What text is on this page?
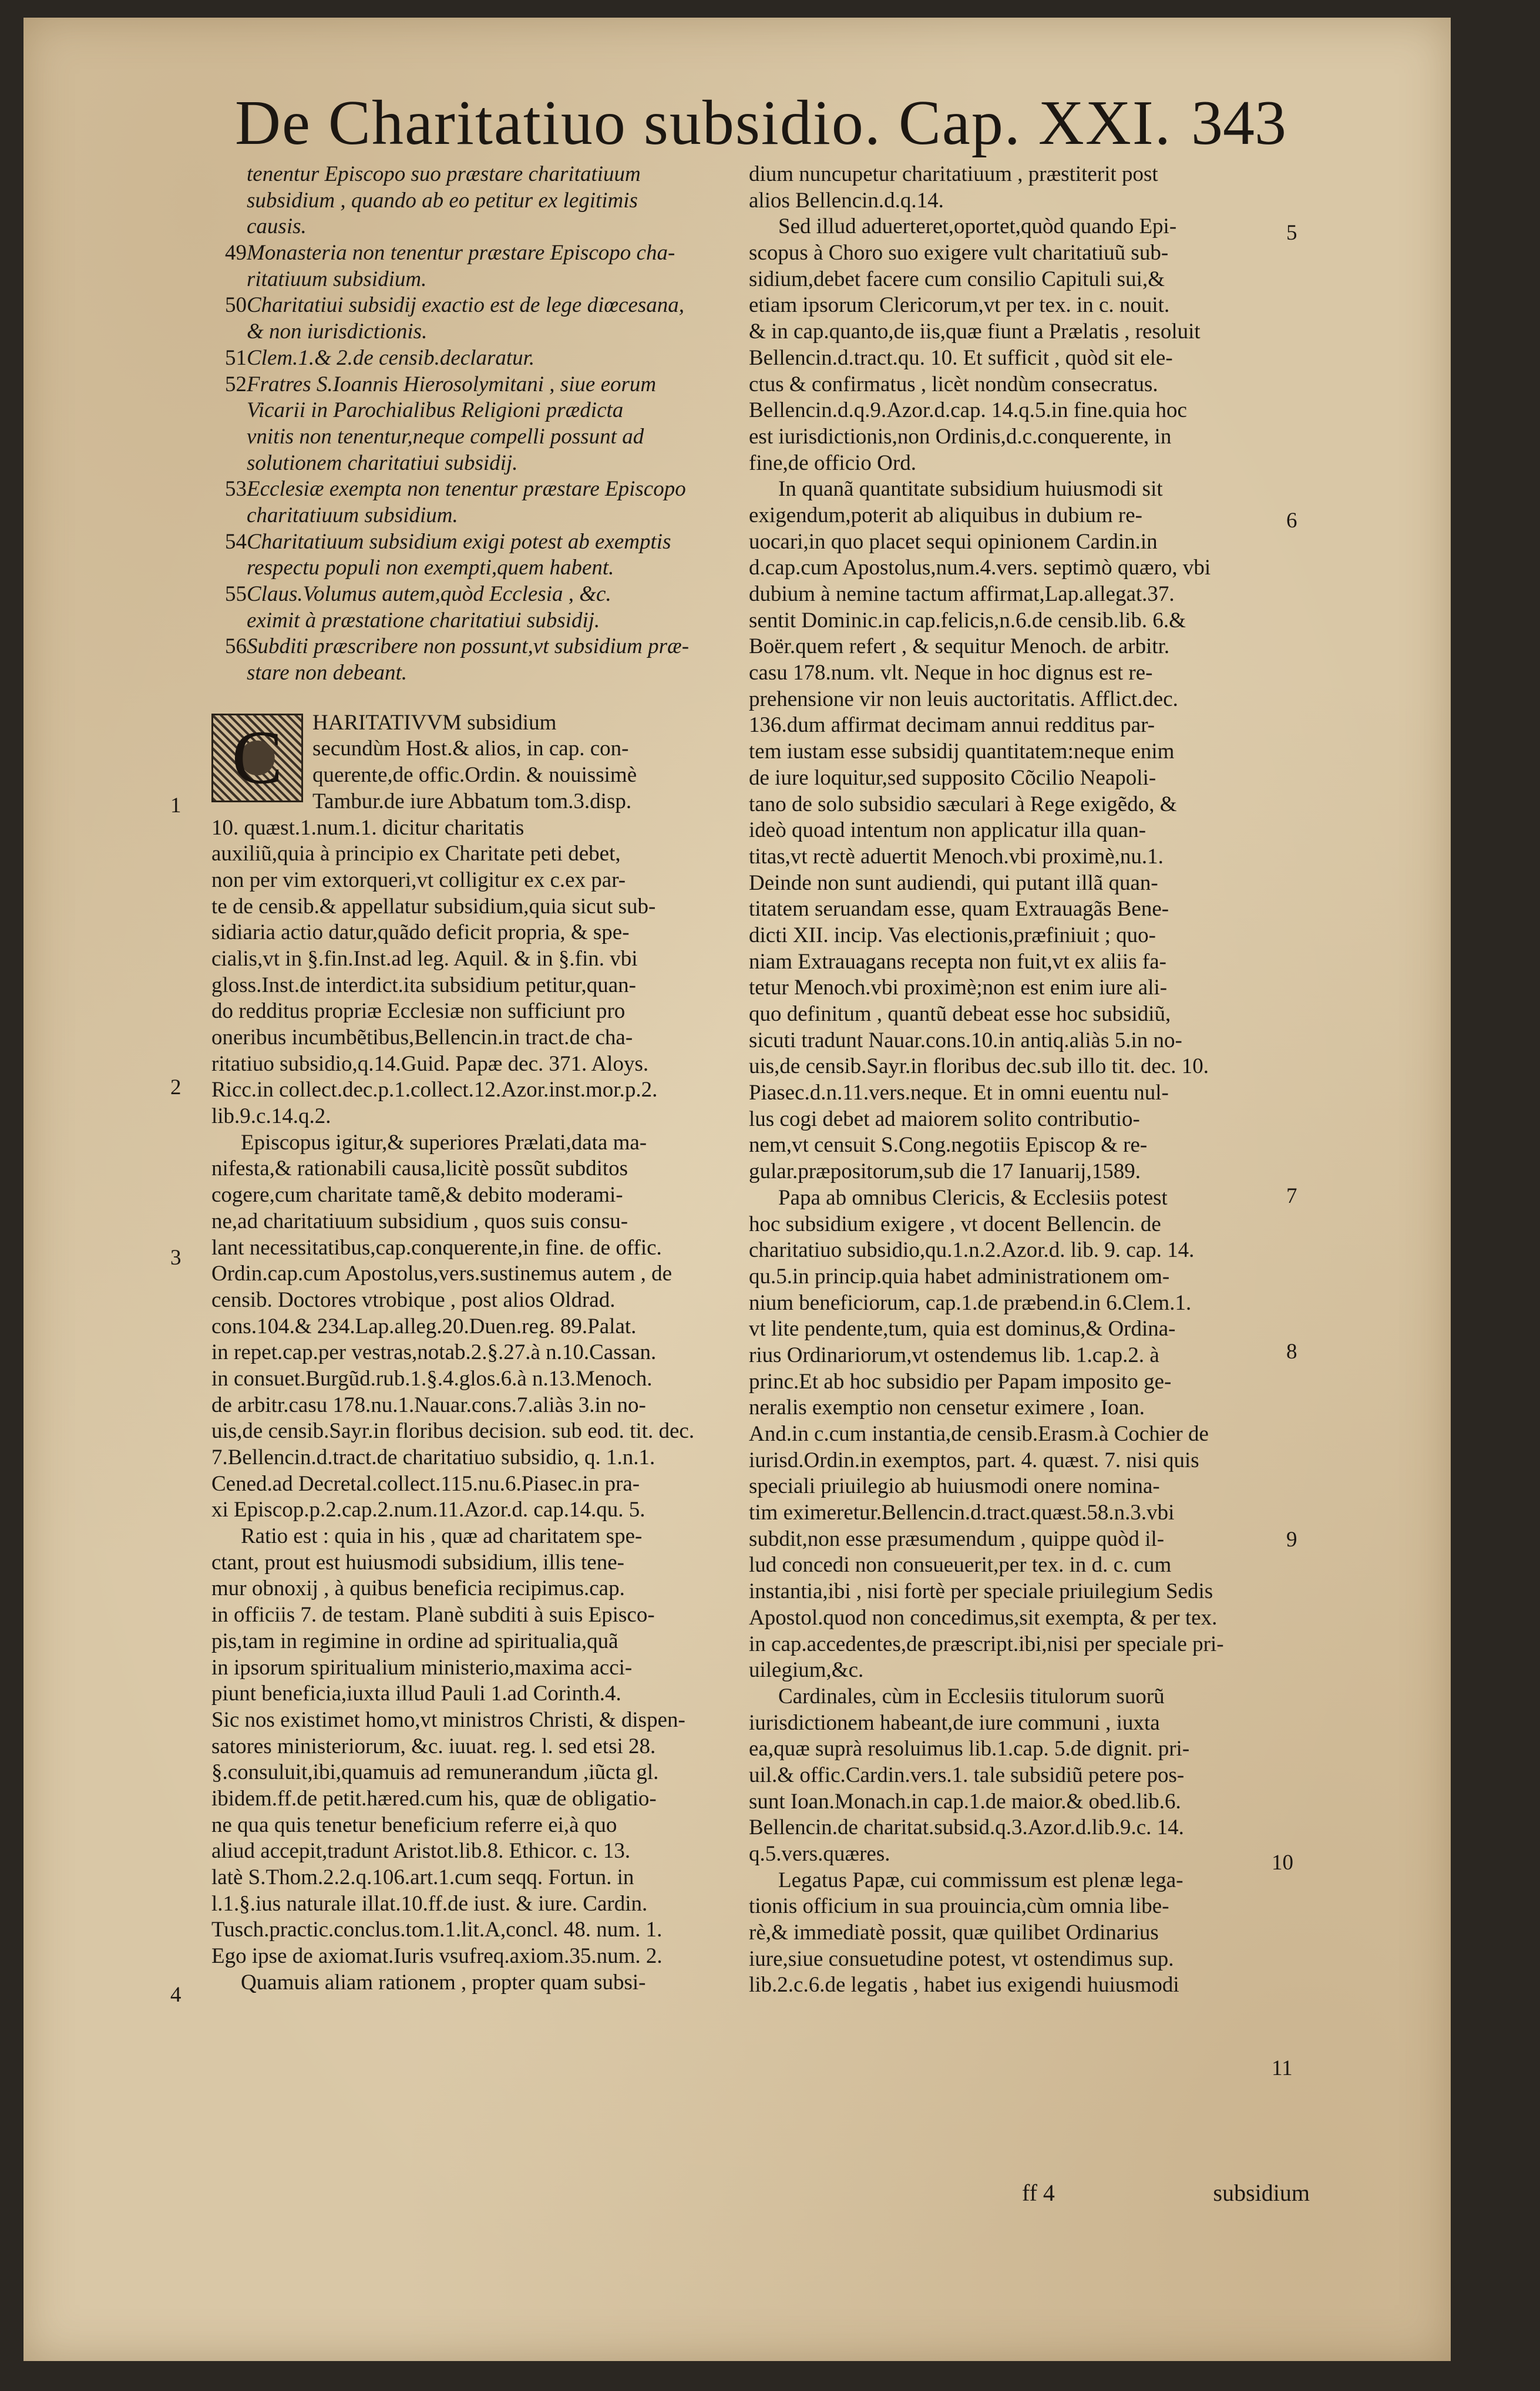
De Charitatiuo subsidio. Cap. XXI. 343
tenentur Episcopo suo præstare charitatiuum
subsidium , quando ab eo petitur ex legitimis
causis.
49 Monasteria non tenentur præstare Episcopo cha-
ritatiuum subsidium.
50 Charitatiui subsidij exactio est de lege diœcesana,
& non iurisdictionis.
51 Clem.1.& 2.de censib.declaratur.
52 Fratres S.Ioannis Hierosolymitani , siue eorum
Vicarii in Parochialibus Religioni prædicta
vnitis non tenentur,neque compelli possunt ad
solutionem charitatiui subsidij.
53 Ecclesiæ exempta non tenentur præstare Episcopo
charitatiuum subsidium.
54 Charitatiuum subsidium exigi potest ab exemptis
respectu populi non exempti,quem habent.
55 Claus.Volumus autem,quòd Ecclesia , &c.
eximit à præstatione charitatiui subsidij.
56 Subditi præscribere non possunt,vt subsidium præ-
stare non debeant.
C	HARITATIVVM subsidium
secundùm Host.& alios, in cap. con-
querente,de offic.Ordin. & nouissimè
Tambur.de iure Abbatum tom.3.disp.
10. quæst.1.num.1. dicitur charitatis
auxiliũ,quia à principio ex Charitate peti debet,
non per vim extorqueri,vt colligitur ex c.ex par-
te de censib.& appellatur subsidium,quia sicut sub-
sidiaria actio datur,quãdo deficit propria, & spe-
cialis,vt in §.fin.Inst.ad leg. Aquil. & in §.fin. vbi
gloss.Inst.de interdict.ita subsidium petitur,quan-
do redditus propriæ Ecclesiæ non sufficiunt pro
oneribus incumbẽtibus,Bellencin.in tract.de cha-
ritatiuo subsidio,q.14.Guid. Papæ dec. 371. Aloys.
Ricc.in collect.dec.p.1.collect.12.Azor.inst.mor.p.2.
lib.9.c.14.q.2.
Episcopus igitur,& superiores Prælati,data ma-
nifesta,& rationabili causa,licitè possũt subditos
cogere,cum charitate tamẽ,& debito moderami-
ne,ad charitatiuum subsidium , quos suis consu-
lant necessitatibus,cap.conquerente,in fine. de offic.
Ordin.cap.cum Apostolus,vers.sustinemus autem , de
censib. Doctores vtrobique , post alios Oldrad.
cons.104.& 234.Lap.alleg.20.Duen.reg. 89.Palat.
in repet.cap.per vestras,notab.2.§.27.à n.10.Cassan.
in consuet.Burgũd.rub.1.§.4.glos.6.à n.13.Menoch.
de arbitr.casu 178.nu.1.Nauar.cons.7.aliàs 3.in no-
uis,de censib.Sayr.in floribus decision. sub eod. tit. dec.
7.Bellencin.d.tract.de charitatiuo subsidio, q. 1.n.1.
Cened.ad Decretal.collect.115.nu.6.Piasec.in pra-
xi Episcop.p.2.cap.2.num.11.Azor.d. cap.14.qu. 5.
Ratio est : quia in his , quæ ad charitatem spe-
ctant, prout est huiusmodi subsidium, illis tene-
mur obnoxij , à quibus beneficia recipimus.cap.
in officiis 7. de testam. Planè subditi à suis Episco-
pis,tam in regimine in ordine ad spiritualia,quã
in ipsorum spiritualium ministerio,maxima acci-
piunt beneficia,iuxta illud Pauli 1.ad Corinth.4.
Sic nos existimet homo,vt ministros Christi, & dispen-
satores ministeriorum, &c. iuuat. reg. l. sed etsi 28.
§.consuluit,ibi,quamuis ad remunerandum ,iũcta gl.
ibidem.ff.de petit.hæred.cum his, quæ de obligatio-
ne qua quis tenetur beneficium referre ei,à quo
aliud accepit,tradunt Aristot.lib.8. Ethicor. c. 13.
latè S.Thom.2.2.q.106.art.1.cum seqq. Fortun. in
l.1.§.ius naturale illat.10.ff.de iust. & iure. Cardin.
Tusch.practic.conclus.tom.1.lit.A,concl. 48. num. 1.
Ego ipse de axiomat.Iuris vsufreq.axiom.35.num. 2.
Quamuis aliam rationem , propter quam subsi-
dium nuncupetur charitatiuum , præstiterit post
alios Bellencin.d.q.14.
Sed illud aduerteret,oportet,quòd quando Epi-
scopus à Choro suo exigere vult charitatiuũ sub-
sidium,debet facere cum consilio Capituli sui,&
etiam ipsorum Clericorum,vt per tex. in c. nouit.
& in cap.quanto,de iis,quæ fiunt a Prælatis , resoluit
Bellencin.d.tract.qu. 10. Et sufficit , quòd sit ele-
ctus & confirmatus , licèt nondùm consecratus.
Bellencin.d.q.9.Azor.d.cap. 14.q.5.in fine.quia hoc
est iurisdictionis,non Ordinis,d.c.conquerente, in
fine,de officio Ord.
In quanã quantitate subsidium huiusmodi sit
exigendum,poterit ab aliquibus in dubium re-
uocari,in quo placet sequi opinionem Cardin.in
d.cap.cum Apostolus,num.4.vers. septimò quæro, vbi
dubium à nemine tactum affirmat,Lap.allegat.37.
sentit Dominic.in cap.felicis,n.6.de censib.lib. 6.&
Boër.quem refert , & sequitur Menoch. de arbitr.
casu 178.num. vlt. Neque in hoc dignus est re-
prehensione vir non leuis auctoritatis. Afflict.dec.
136.dum affirmat decimam annui redditus par-
tem iustam esse subsidij quantitatem:neque enim
de iure loquitur,sed supposito Cõcilio Neapoli-
tano de solo subsidio sæculari à Rege exigẽdo, &
ideò quoad intentum non applicatur illa quan-
titas,vt rectè aduertit Menoch.vbi proximè,nu.1.
Deinde non sunt audiendi, qui putant illã quan-
titatem seruandam esse, quam Extrauagãs Bene-
dicti XII. incip. Vas electionis,præfiniuit ; quo-
niam Extrauagans recepta non fuit,vt ex aliis fa-
tetur Menoch.vbi proximè;non est enim iure ali-
quo definitum , quantũ debeat esse hoc subsidiũ,
sicuti tradunt Nauar.cons.10.in antiq.aliàs 5.in no-
uis,de censib.Sayr.in floribus dec.sub illo tit. dec. 10.
Piasec.d.n.11.vers.neque. Et in omni euentu nul-
lus cogi debet ad maiorem solito contributio-
nem,vt censuit S.Cong.negotiis Episcop & re-
gular.præpositorum,sub die 17 Ianuarij,1589.
Papa ab omnibus Clericis, & Ecclesiis potest
hoc subsidium exigere , vt docent Bellencin. de
charitatiuo subsidio,qu.1.n.2.Azor.d. lib. 9. cap. 14.
qu.5.in princip.quia habet administrationem om-
nium beneficiorum, cap.1.de præbend.in 6.Clem.1.
vt lite pendente,tum, quia est dominus,& Ordina-
rius Ordinariorum,vt ostendemus lib. 1.cap.2. à
princ.Et ab hoc subsidio per Papam imposito ge-
neralis exemptio non censetur eximere , Ioan.
And.in c.cum instantia,de censib.Erasm.à Cochier de
iurisd.Ordin.in exemptos, part. 4. quæst. 7. nisi quis
speciali priuilegio ab huiusmodi onere nomina-
tim eximeretur.Bellencin.d.tract.quæst.58.n.3.vbi
subdit,non esse præsumendum , quippe quòd il-
lud concedi non consueuerit,per tex. in d. c. cum
instantia,ibi , nisi fortè per speciale priuilegium Sedis
Apostol.quod non concedimus,sit exempta, & per tex.
in cap.accedentes,de præscript.ibi,nisi per speciale pri-
uilegium,&c.
Cardinales, cùm in Ecclesiis titulorum suorũ
iurisdictionem habeant,de iure communi , iuxta
ea,quæ suprà resoluimus lib.1.cap. 5.de dignit. pri-
uil.& offic.Cardin.vers.1. tale subsidiũ petere pos-
sunt Ioan.Monach.in cap.1.de maior.& obed.lib.6.
Bellencin.de charitat.subsid.q.3.Azor.d.lib.9.c. 14.
q.5.vers.quæres.
Legatus Papæ, cui commissum est plenæ lega-
tionis officium in sua prouincia,cùm omnia libe-
rè,& immediatè possit, quæ quilibet Ordinarius
iure,siue consuetudine potest, vt ostendimus sup.
lib.2.c.6.de legatis , habet ius exigendi huiusmodi
1
2
3
4
5
6
7
8
9
10
11
ff 4	subsidium
